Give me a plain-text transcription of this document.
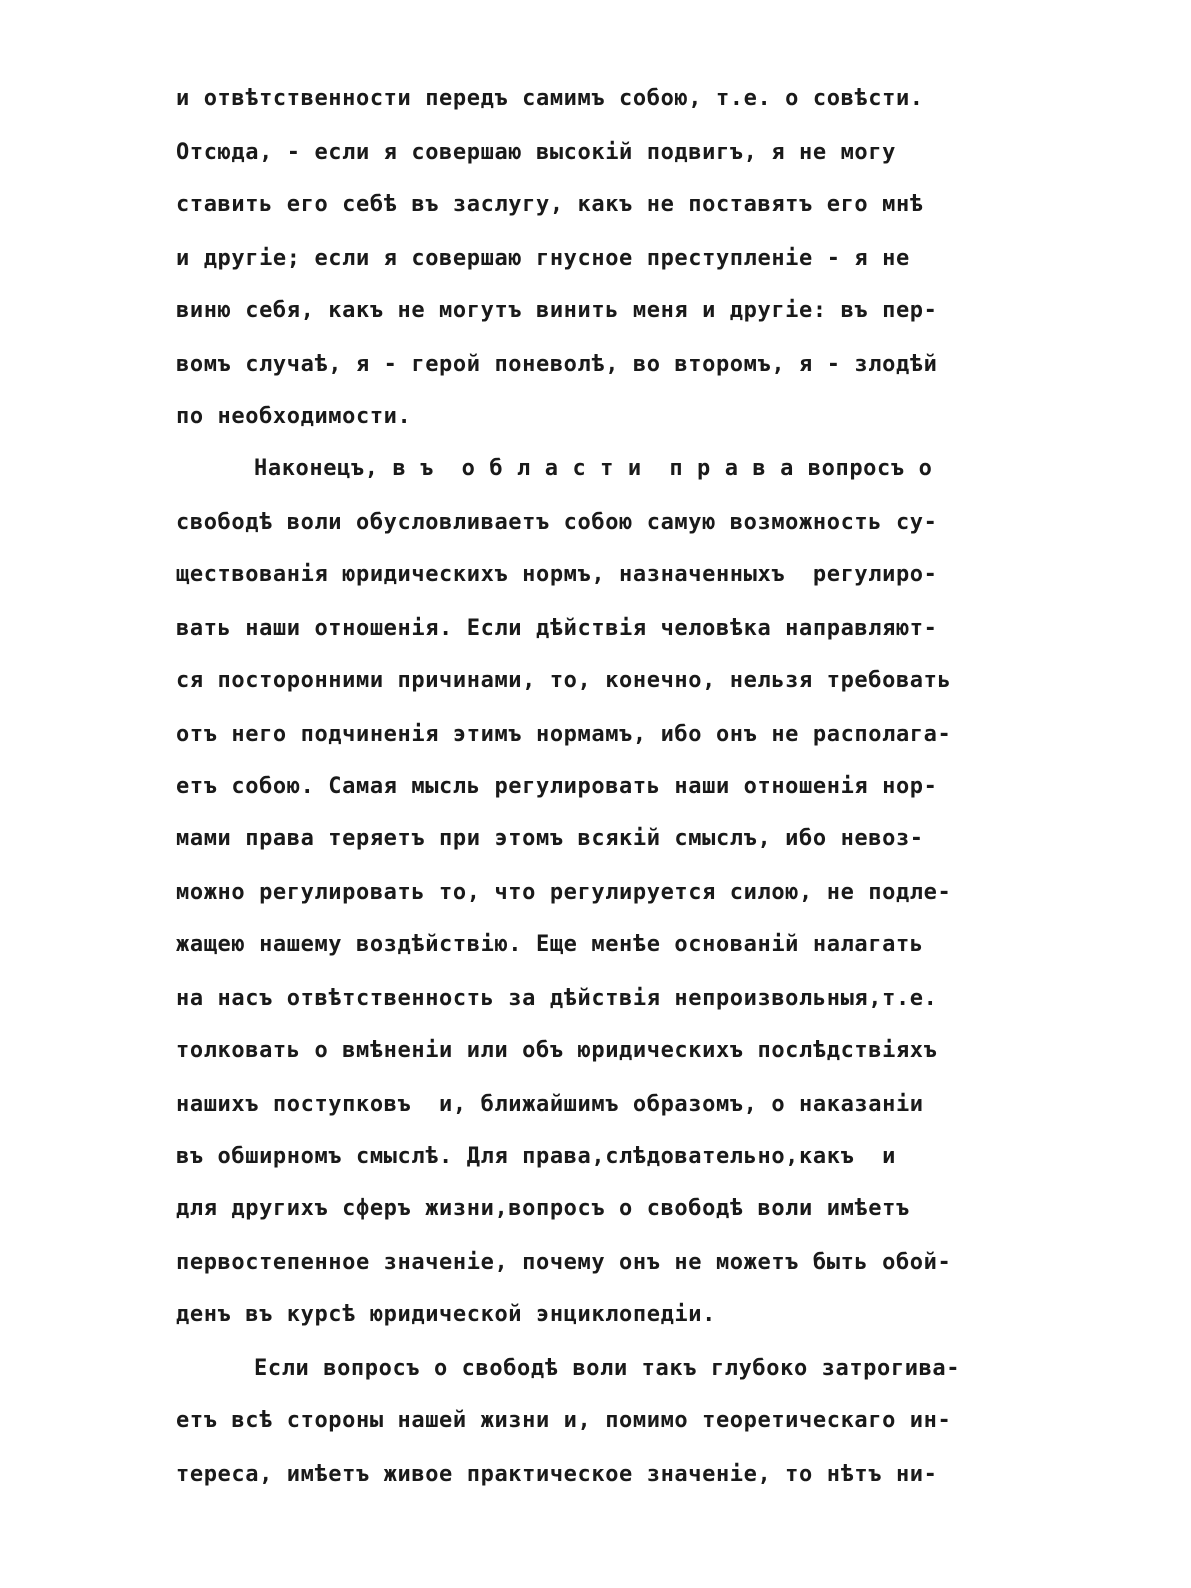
и отвѣтственности передъ самимъ собою, т.е. о совѣсти.
Отсюда, - если я совершаю высокій подвигъ, я не могу
ставить его себѣ въ заслугу, какъ не поставятъ его мнѣ
и другіе; если я совершаю гнусное преступленіе - я не
виню себя, какъ не могутъ винить меня и другіе: въ пер-
вомъ случаѣ, я - герой поневолѣ, во второмъ, я - злодѣй
по необходимости.
Наконецъ, в ъ  о б л а с т и  п р а в а вопросъ о
свободѣ воли обусловливаетъ собою самую возможность су-
ществованія юридическихъ нормъ, назначенныхъ  регулиро-
вать наши отношенія. Если дѣйствія человѣка направляют-
ся посторонними причинами, то, конечно, нельзя требовать
отъ него подчиненія этимъ нормамъ, ибо онъ не располага-
етъ собою. Самая мысль регулировать наши отношенія нор-
мами права теряетъ при этомъ всякій смыслъ, ибо невоз-
можно регулировать то, что регулируется силою, не подле-
жащею нашему воздѣйствію. Еще менѣе основаній налагать
на насъ отвѣтственность за дѣйствія непроизвольныя,т.е.
толковать о вмѣненіи или объ юридическихъ послѣдствіяхъ
нашихъ поступковъ  и, ближайшимъ образомъ, о наказаніи
въ обширномъ смыслѣ. Для права,слѣдовательно,какъ  и
для другихъ сферъ жизни,вопросъ о свободѣ воли имѣетъ
первостепенное значеніе, почему онъ не можетъ быть обой-
денъ въ курсѣ юридической энциклопедіи.
Если вопросъ о свободѣ воли такъ глубоко затрогива-
етъ всѣ стороны нашей жизни и, помимо теоретическаго ин-
тереса, имѣетъ живое практическое значеніе, то нѣтъ ни-
